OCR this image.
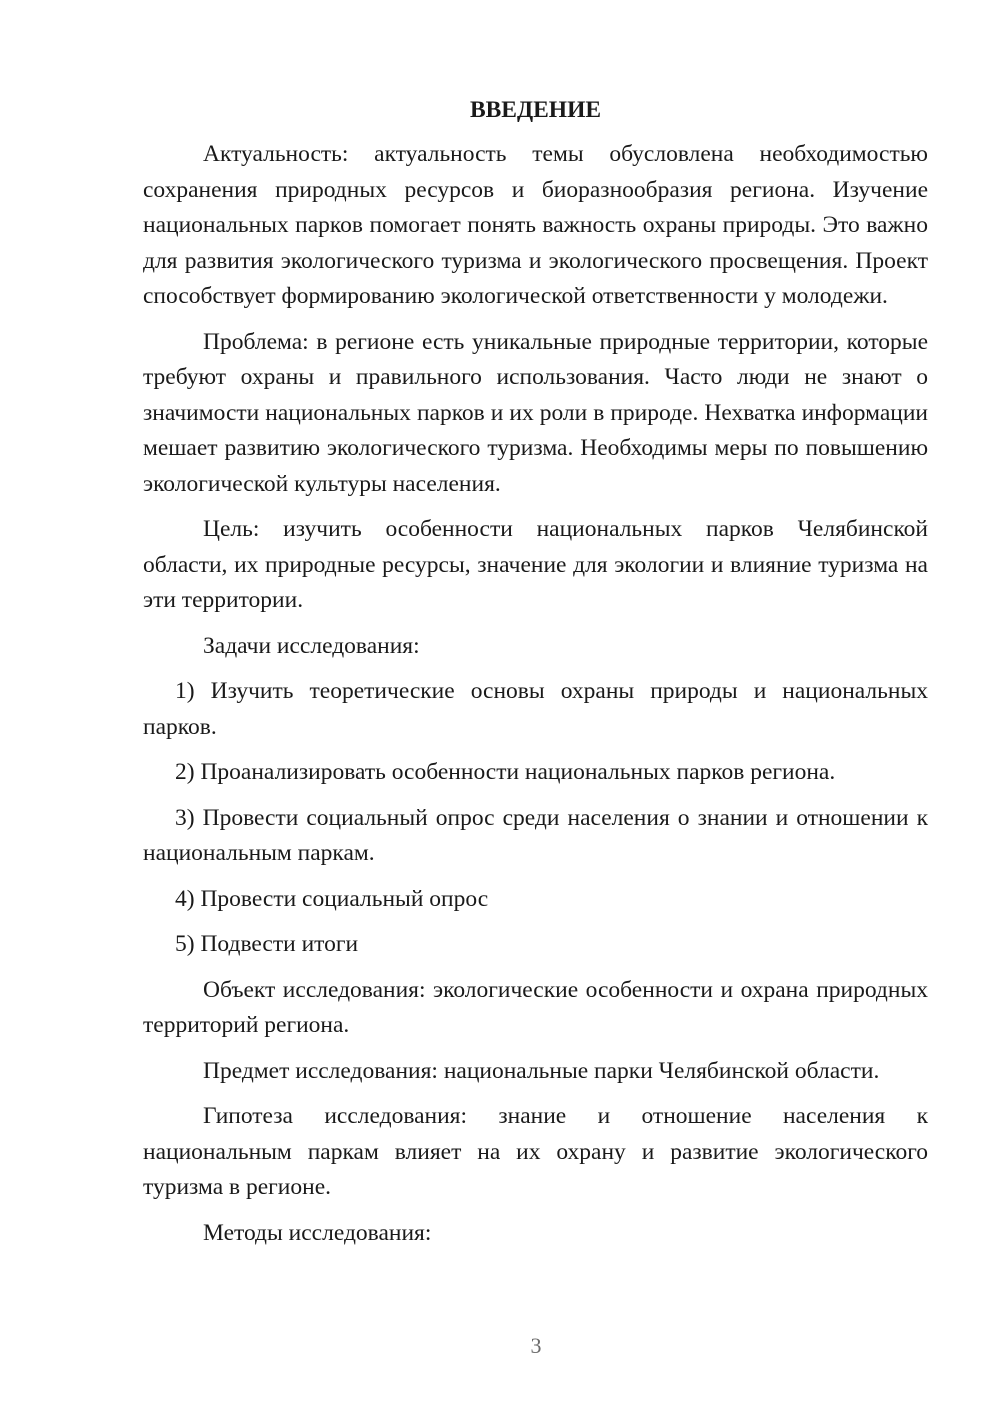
ВВЕДЕНИЕ

Актуальность: актуальность темы обусловлена необходимостью сохранения природных ресурсов и биоразнообразия региона. Изучение национальных парков помогает понять важность охраны природы. Это важно для развития экологического туризма и экологического просвещения. Проект способствует формированию экологической ответственности у молодежи.

Проблема: в регионе есть уникальные природные территории, которые требуют охраны и правильного использования. Часто люди не знают о значимости национальных парков и их роли в природе. Нехватка информации мешает развитию экологического туризма. Необходимы меры по повышению экологической культуры населения.

Цель: изучить особенности национальных парков Челябинской области, их природные ресурсы, значение для экологии и влияние туризма на эти территории.

Задачи исследования:

1) Изучить теоретические основы охраны природы и национальных парков.

2) Проанализировать особенности национальных парков региона.

3) Провести социальный опрос среди населения о знании и отношении к национальным паркам.

4) Провести социальный опрос

5) Подвести итоги

Объект исследования: экологические особенности и охрана природных территорий региона.

Предмет исследования: национальные парки Челябинской области.

Гипотеза исследования: знание и отношение населения к национальным паркам влияет на их охрану и развитие экологического туризма в регионе.

Методы исследования:

3
